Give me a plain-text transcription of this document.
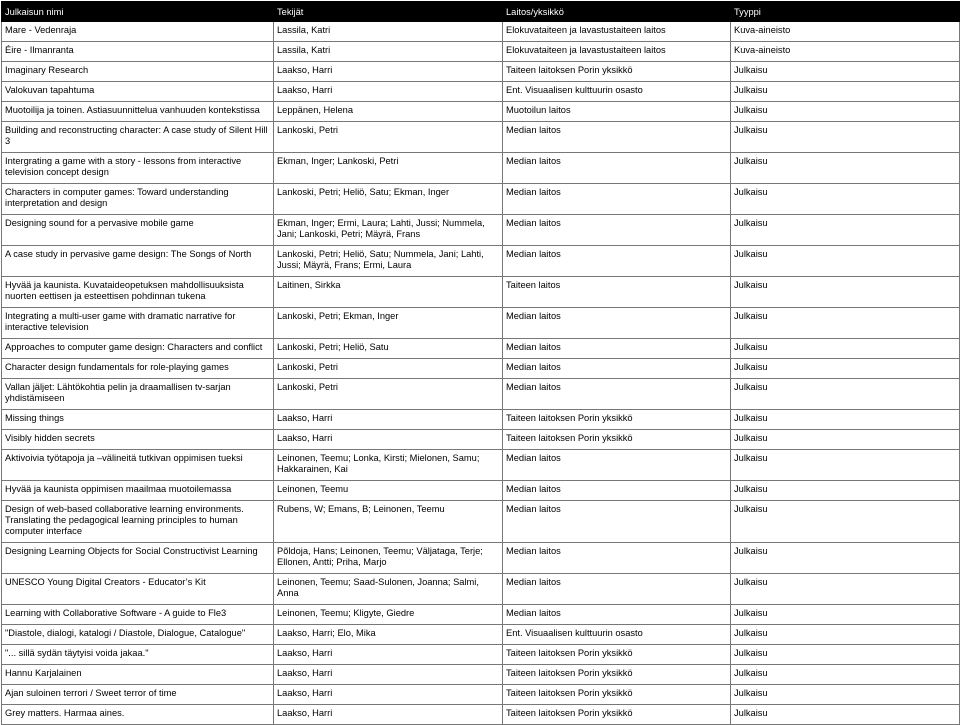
Julkaisun nimi	Tekijät	Laitos/yksikkö	Tyyppi
Mare - Vedenraja	Lassila, Katri	Elokuvataiteen ja lavastustaiteen laitos	Kuva-aineisto
Éire - Ilmanranta	Lassila, Katri	Elokuvataiteen ja lavastustaiteen laitos	Kuva-aineisto
Imaginary Research	Laakso, Harri	Taiteen laitoksen Porin yksikkö	Julkaisu
Valokuvan tapahtuma	Laakso, Harri	Ent. Visuaalisen kulttuurin osasto	Julkaisu
Muotoilija ja toinen. Astiasuunnittelua vanhuuden kontekstissa	Leppänen, Helena	Muotoilun laitos	Julkaisu
Building and reconstructing character: A case study of Silent Hill 3	Lankoski, Petri	Median laitos	Julkaisu
Intergrating a game with a story - lessons from interactive television concept design	Ekman, Inger; Lankoski, Petri	Median laitos	Julkaisu
Characters in computer games: Toward understanding interpretation and design	Lankoski, Petri; Heliö, Satu; Ekman, Inger	Median laitos	Julkaisu
Designing sound for a pervasive mobile game	Ekman, Inger; Ermi, Laura; Lahti, Jussi; Nummela, Jani; Lankoski, Petri; Mäyrä, Frans	Median laitos	Julkaisu
A case study in pervasive game design: The Songs of North	Lankoski, Petri; Heliö, Satu; Nummela, Jani; Lahti, Jussi; Mäyrä, Frans; Ermi, Laura	Median laitos	Julkaisu
Hyvää ja kaunista. Kuvataideopetuksen mahdollisuuksista nuorten eettisen ja esteettisen pohdinnan tukena	Laitinen, Sirkka	Taiteen laitos	Julkaisu
Integrating a multi-user game with dramatic narrative for interactive television	Lankoski, Petri; Ekman, Inger	Median laitos	Julkaisu
Approaches to computer game design: Characters and conflict	Lankoski, Petri; Heliö, Satu	Median laitos	Julkaisu
Character design fundamentals for role-playing games	Lankoski, Petri	Median laitos	Julkaisu
Vallan jäljet: Lähtökohtia pelin ja draamallisen tv-sarjan yhdistämiseen	Lankoski, Petri	Median laitos	Julkaisu
Missing things	Laakso, Harri	Taiteen laitoksen Porin yksikkö	Julkaisu
Visibly hidden secrets	Laakso, Harri	Taiteen laitoksen Porin yksikkö	Julkaisu
Aktivoivia työtapoja ja –välineitä tutkivan oppimisen tueksi	Leinonen, Teemu; Lonka, Kirsti; Mielonen, Samu; Hakkarainen, Kai	Median laitos	Julkaisu
Hyvää ja kaunista oppimisen maailmaa muotoilemassa	Leinonen, Teemu	Median laitos	Julkaisu
Design of web-based collaborative learning environments. Translating the pedagogical learning principles to human computer interface	Rubens, W; Emans, B; Leinonen, Teemu	Median laitos	Julkaisu
Designing Learning Objects for Social Constructivist Learning	Põldoja, Hans; Leinonen, Teemu; Väljataga, Terje; Ellonen, Antti; Priha, Marjo	Median laitos	Julkaisu
UNESCO Young Digital Creators - Educator’s Kit	Leinonen, Teemu; Saad-Sulonen, Joanna; Salmi, Anna	Median laitos	Julkaisu
Learning with Collaborative Software - A guide to Fle3	Leinonen, Teemu; Kligyte, Giedre	Median laitos	Julkaisu
"Diastole, dialogi, katalogi / Diastole, Dialogue, Catalogue"	Laakso, Harri; Elo, Mika	Ent. Visuaalisen kulttuurin osasto	Julkaisu
"... sillä sydän täytyisi voida jakaa."	Laakso, Harri	Taiteen laitoksen Porin yksikkö	Julkaisu
Hannu Karjalainen	Laakso, Harri	Taiteen laitoksen Porin yksikkö	Julkaisu
Ajan suloinen terrori / Sweet terror of time	Laakso, Harri	Taiteen laitoksen Porin yksikkö	Julkaisu
Grey matters. Harmaa aines.	Laakso, Harri	Taiteen laitoksen Porin yksikkö	Julkaisu
